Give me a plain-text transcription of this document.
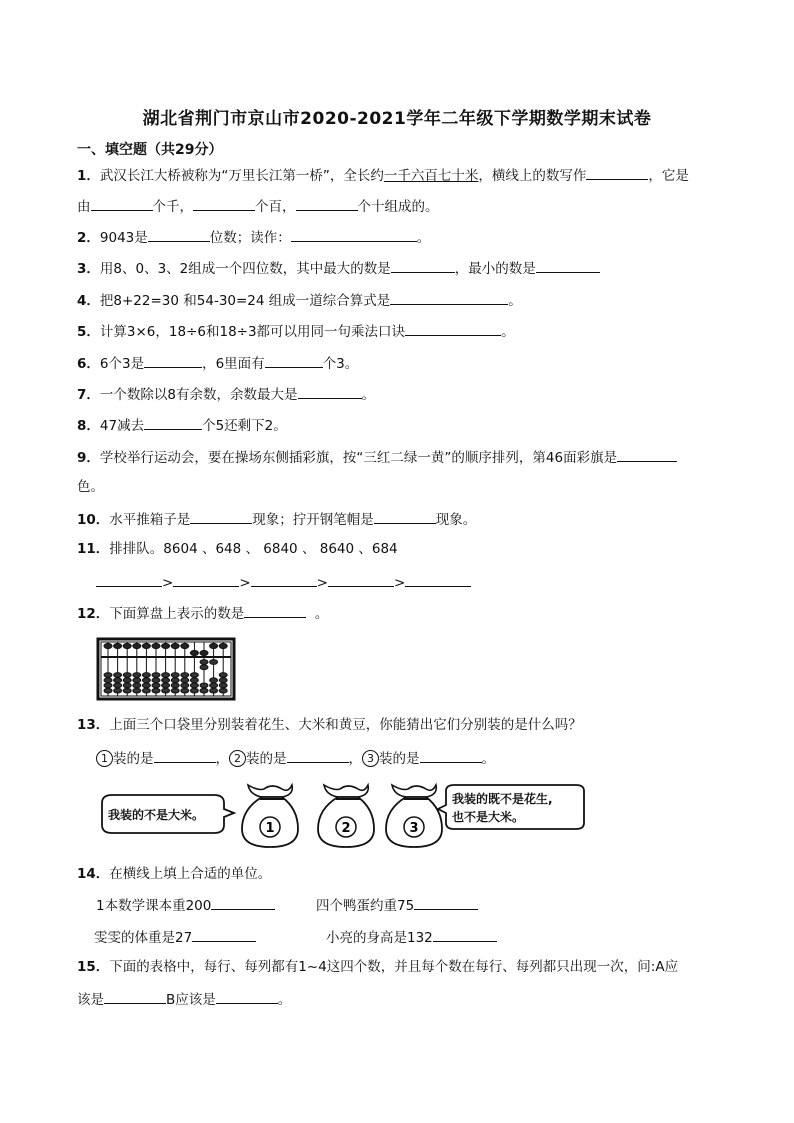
湖北省荆门市京山市2020-2021学年二年级下学期数学期末试卷
一、填空题（共29分）
1．武汉长江大桥被称为“万里长江第一桥”，全长约一千六百七十米，横线上的数写作	，它是
由	个千，	个百，	个十组成的。
2．9043是	位数；读作：	。
3．用8、0、3、2组成一个四位数，其中最大的数是	，最小的数是
4．把8+22=30 和54-30=24 组成一道综合算式是	。
5．计算3×6，18÷6和18÷3都可以用同一句乘法口诀	。
6．6个3是	，6里面有	个3。
7．一个数除以8有余数，余数最大是	。
8．47减去	个5还剩下2。
9．学校举行运动会，要在操场东侧插彩旗，按“三红二绿一黄”的顺序排列，第46面彩旗是
色。
10．水平推箱子是	现象；拧开钢笔帽是	现象。
11．排排队。8604 、648 、 6840 、 8640 、684
>	>	>	>
12．下面算盘上表示的数是	。
13．上面三个口袋里分别装着花生、大米和黄豆，你能猜出它们分别装的是什么吗？
1 装的是	， 2 装的是	， 3 装的是	。
我装的不是大米。
1	2	3
我装的既不是花生,
也不是大米。
14．在横线上填上合适的单位。
1本数学课本重200	四个鸭蛋约重75
雯雯的体重是27	小亮的身高是132
15．下面的表格中，每行、每列都有1~4这四个数，并且每个数在每行、每列都只出现一次，问:A应
该是	B应该是	。
